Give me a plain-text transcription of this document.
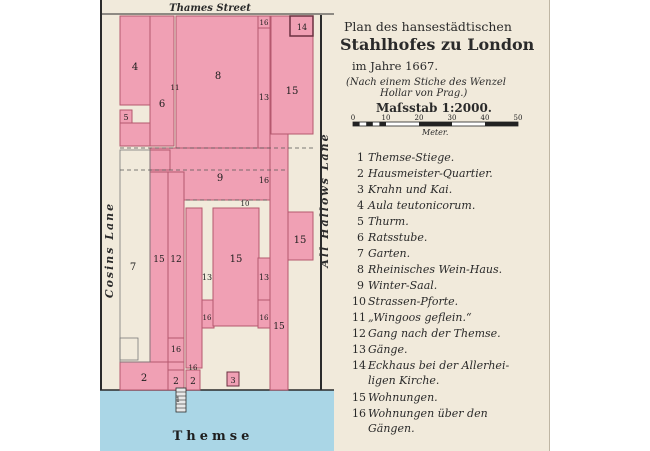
Thames Street
Cosins Lane	All Hallows Lane
Themse
4
6
5
11
8
16	14
13
15
9
10
16
15
7
15 12
13
15
13
16	16
15
16
2	2 2
16
3
1
Plan des hansestädtischen
Stahlhofes zu London
im Jahre 1667.
(Nach einem Stiche des Wenzel
Hollar von Prag.)
Maſsstab 1:2000.
0	10	20	30	40	50
Meter.
1 Themse-Stiege.
2 Hausmeister-Quartier.
3 Krahn und Kai.
4 Aula teutonicorum.
5 Thurm.
6 Ratsstube.
7 Garten.
8 Rheinisches Wein-Haus.
9 Winter-Saal.
10 Strassen-Pforte.
11 „Wingoos geflein.“
12 Gang nach der Themse.
13 Gänge.
14 Eckhaus bei der Allerhei-
ligen Kirche.
15 Wohnungen.
16 Wohnungen über den
Gängen.
